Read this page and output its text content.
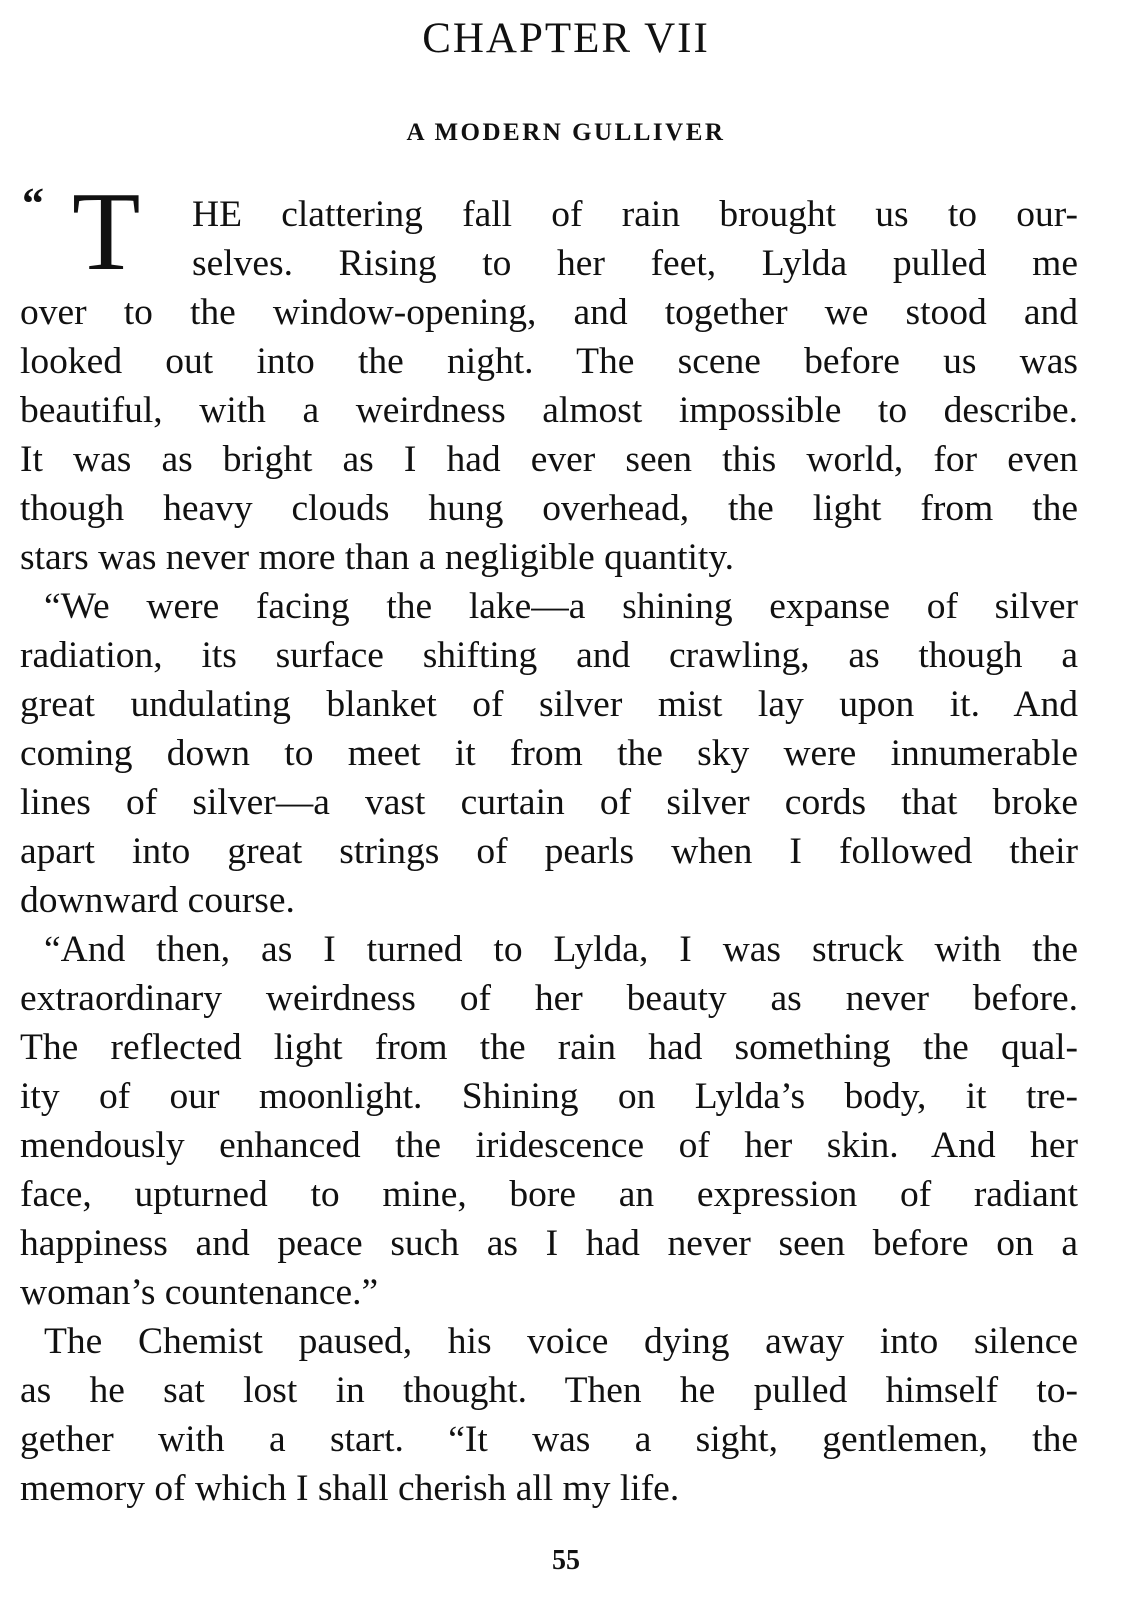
CHAPTER VII
A MODERN GULLIVER
“ T	HE clattering fall of rain brought us to our-
selves. Rising to her feet, Lylda pulled me
over to the window-opening, and together we stood and
looked out into the night. The scene before us was
beautiful, with a weirdness almost impossible to describe.
It was as bright as I had ever seen this world, for even
though heavy clouds hung overhead, the light from the
stars was never more than a negligible quantity.
“We were facing the lake—a shining expanse of silver
radiation, its surface shifting and crawling, as though a
great undulating blanket of silver mist lay upon it. And
coming down to meet it from the sky were innumerable
lines of silver—a vast curtain of silver cords that broke
apart into great strings of pearls when I followed their
downward course.
“And then, as I turned to Lylda, I was struck with the
extraordinary weirdness of her beauty as never before.
The reflected light from the rain had something the qual-
ity of our moonlight. Shining on Lylda’s body, it tre-
mendously enhanced the iridescence of her skin. And her
face, upturned to mine, bore an expression of radiant
happiness and peace such as I had never seen before on a
woman’s countenance.”
The Chemist paused, his voice dying away into silence
as he sat lost in thought. Then he pulled himself to-
gether with a start. “It was a sight, gentlemen, the
memory of which I shall cherish all my life.
55
